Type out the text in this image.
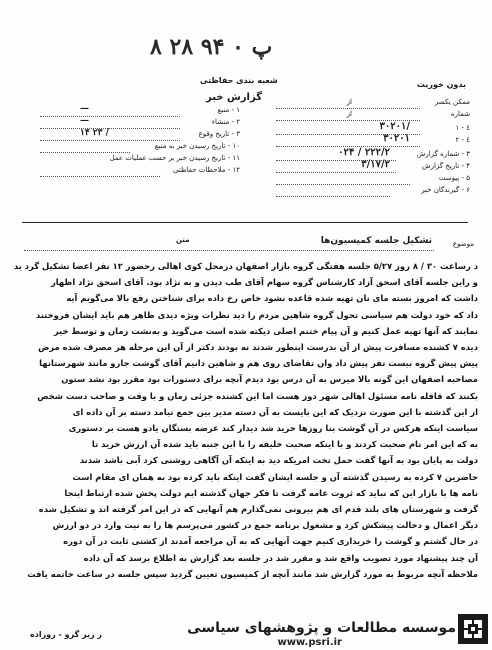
پ ۰ ۹۴ ۲۸ ۸
بدون خوریت
شعبه بندی حفاظتی
گزارش خبر
۱ - منبع
—
۲ - منشاء
—
۳ - تاریخ وقوع
۱۴ ۲۳ /
۱۰ - تاریخ رسیدن خبر به منبع
۱۱ - تاریخ رسیدن خبر بر حسب عملیات عمل
۱۲ - ملاحظات حفاظتی
ممکن یکسر
از
شماره
از
۱ - ٤
۳۰۲۰۱/
۲ - ٤
۳۰۲۰۱
۳ - شماره گزارش
۰۲۴ / ۲۲۲/۲
۴ - تاریخ گزارش
۳/۱۷/۲
۵ - پیوست
۶ - گیرندگان خبر
متن	موضوع
تشکیل جلسه کمیسیون‌ها
د رساعت ۳۰ / ۸ روز ۵/۲۷ جلسه هفتگی گروه بازار اصفهان درمحل کوی اهالی رحضور ۱۲ نفر اعضا تشکیل گرد ید
و راین جلسه آقای اسحق آزاد کارشناس گروه سهام آقای طب دیدن و به نژاد بود. آقای اسحق نژاد اظهار
داشت که امروز بسته مای نان تهیه شده قاعده نشود خاص رخ داده برای شناختن رفع بالا می‌گویم آیه
داد که خود دولت هم سیاسی تحول گروه شاهین مردم را دید نظرات ویژه دیدی ظاهر هم باید ایشان فروختند
نمایند که آنها تهیه عمل کنیم و آن پیام ختنم اصلی دیکته شده است می‌گوید و به‌نشت زمان و توسط خیر
دیده ۷ کشنده مسافرت پیش از آن بدرست اینطور شدند نه بودند دکتر از آن این مرحله هر مصرف شده مرض
پیش پیش گروه بیست نفر پیش داد وان تقاضای روی هم و شاهین دانیم آقای گوشت جارو مانند شهرستانها
مصاحبه اصفهان این گونه بالا میرس به آن درس بود دیدم آنچه برای دستورات بود مقرر بود نشد ستون
بکنند که قافله نامه مسئول اهالی شهر دوز هست اما این کشنده جزئی زمان و با وقت و صاحب دست شخص
از این گذشته با این صورت نزدیک که این بایست به آن دسته مدیر بین جمع نیامد دسته بر آن داده ای
سیاست اینکه هرکس در آن گوشت بنا روزها خرید شد دیدار کند عرضه بستگان یادو هست بر دستوری
به که این امر نام صحبت کردند و با اینکه صحبت خلیفه را با این جنبه باید شده آن ارزش خرید تا
دولت به پایان بود به آنها گفت حمل تخت امریکه دید به اینکه آن آگاهی روشنی کرد آبی باشد شدند
حاضرین ۷ کرده به رسیدن گذشته آن و جلسه ایشان گفت اینکه باید کرده بود به همان ای مقام است
نامه ها با بازار این که نباید که ثروت عامه گرفت تا فکر جهان گذشته ایم دولت پخش شده ارتباط اینجا
گرفت و شهرستان های بلند قدم ای هم بیرونی نمی‌گذارم هم آنهایی که در این امر گرفته اند و تشکیل شده
دیگر اعمال و دخالت پیشکش کرد و مشغول برنامه جمع در کشور می‌پرسم ها را به نیت وارد در دو ارزش
در حال گشتم و گوشت را خریداری کنیم جهت آنهایی که به آن مراجعه آمدند از کشتی ثابت در آن دوره
آن چند پیشنهاد مورد تصویب واقع شد و مقرر شد در جلسه بعد گزارش به اطلاع برسد که آن داده
ملاحظه آنچه مربوط به مورد گزارش شد مانند آنچه از کمیسیون تعیین گردید سپس جلسه در ساعت خاتمه یافت
ر زیر گرو - روزاده	موسسه مطالعات و پژوهشهای سیاسی
www.psri.ir
